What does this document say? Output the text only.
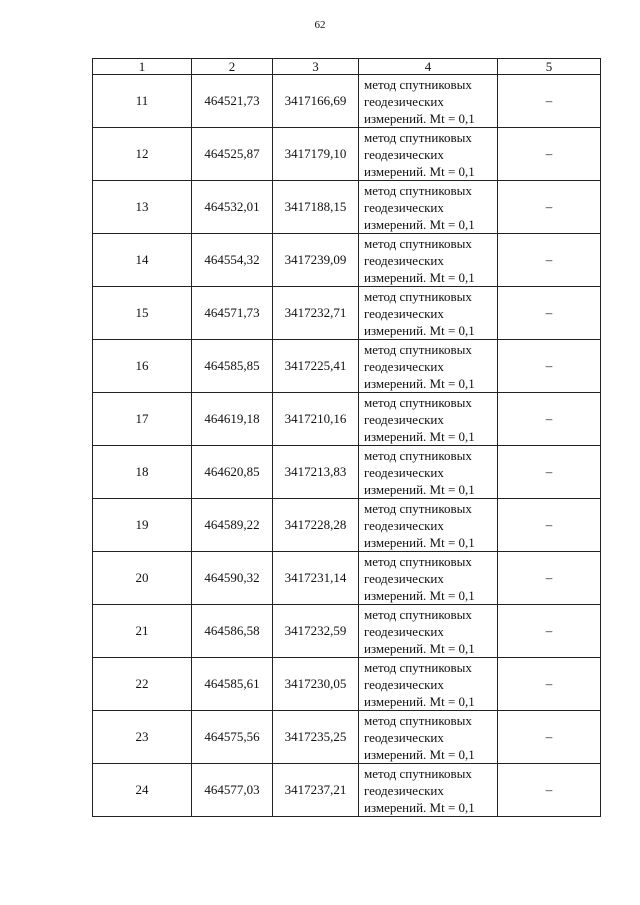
62
1	2	3	4	5
11	464521,73	3417166,69	метод спутниковых
геодезических
измерений. Mt = 0,1	–
12	464525,87	3417179,10	метод спутниковых
геодезических
измерений. Mt = 0,1	–
13	464532,01	3417188,15	метод спутниковых
геодезических
измерений. Mt = 0,1	–
14	464554,32	3417239,09	метод спутниковых
геодезических
измерений. Mt = 0,1	–
15	464571,73	3417232,71	метод спутниковых
геодезических
измерений. Mt = 0,1	–
16	464585,85	3417225,41	метод спутниковых
геодезических
измерений. Mt = 0,1	–
17	464619,18	3417210,16	метод спутниковых
геодезических
измерений. Mt = 0,1	–
18	464620,85	3417213,83	метод спутниковых
геодезических
измерений. Mt = 0,1	–
19	464589,22	3417228,28	метод спутниковых
геодезических
измерений. Mt = 0,1	–
20	464590,32	3417231,14	метод спутниковых
геодезических
измерений. Mt = 0,1	–
21	464586,58	3417232,59	метод спутниковых
геодезических
измерений. Mt = 0,1	–
22	464585,61	3417230,05	метод спутниковых
геодезических
измерений. Mt = 0,1	–
23	464575,56	3417235,25	метод спутниковых
геодезических
измерений. Mt = 0,1	–
24	464577,03	3417237,21	метод спутниковых
геодезических
измерений. Mt = 0,1	–
